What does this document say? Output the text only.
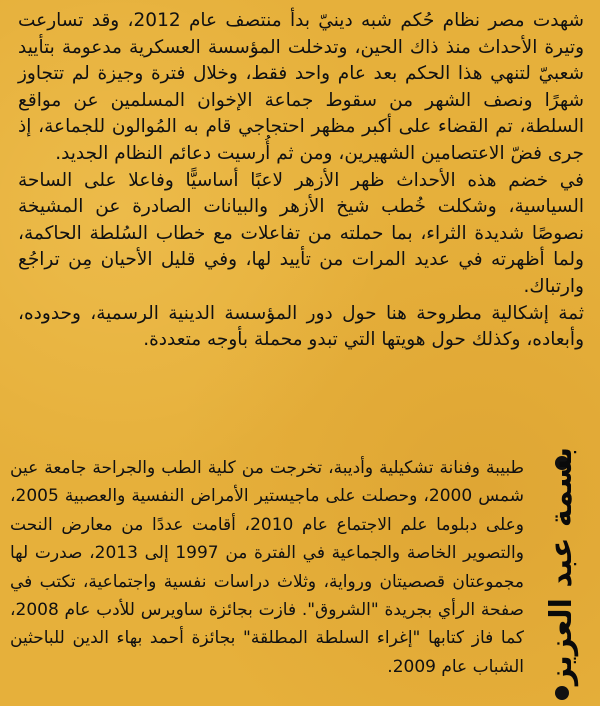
شهدت مصر نظام حُكم شبه دينيّ بدأ منتصف عام 2012، وقد تسارعت وتيرة الأحداث منذ ذاك الحين، وتدخلت المؤسسة العسكرية مدعومة بتأييد شعبيّ لتنهي هذا الحكم بعد عام واحد فقط، وخلال فترة وجيزة لم تتجاوز شهرًا ونصف الشهر من سقوط جماعة الإخوان المسلمين عن مواقع السلطة، تم القضاء على أكبر مظهر احتجاجي قام به المُوالون للجماعة، إذ جرى فضّ الاعتصامين الشهيرين، ومن ثم أُرسيت دعائم النظام الجديد.

في خضم هذه الأحداث ظهر الأزهر لاعبًا أساسيًّا وفاعلا على الساحة السياسية، وشكلت خُطب شيخ الأزهر والبيانات الصادرة عن المشيخة نصوصًا شديدة الثراء، بما حملته من تفاعلات مع خطاب السُلطة الحاكمة، ولما أظهرته في عديد المرات من تأييد لها، وفي قليل الأحيان مِن تراجُع وارتباك.

ثمة إشكالية مطروحة هنا حول دور المؤسسة الدينية الرسمية، وحدوده، وأبعاده، وكذلك حول هويتها التي تبدو محملة بأوجه متعددة.

طبيبة وفنانة تشكيلية وأديبة، تخرجت من كلية الطب والجراحة جامعة عين شمس 2000، وحصلت على ماجيستير الأمراض النفسية والعصبية 2005، وعلى دبلوما علم الاجتماع عام 2010، أقامت عددًا من معارض النحت والتصوير الخاصة والجماعية في الفترة من 1997 إلى 2013، صدرت لها مجموعتان قصصيتان ورواية، وثلاث دراسات نفسية واجتماعية، تكتب في صفحة الرأي بجريدة "الشروق". فازت بجائزة ساويرس للأدب عام 2008، كما فاز كتابها "إغراء السلطة المطلقة" بجائزة أحمد بهاء الدين للباحثين الشباب عام 2009. بسمة عبد العزيز
